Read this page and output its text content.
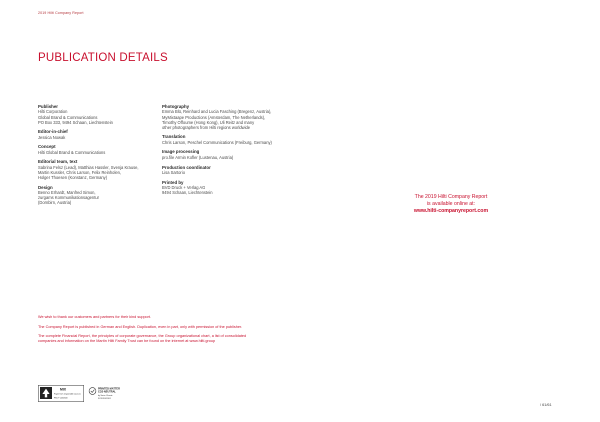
2019 Hilti Company Report
PUBLICATION DETAILS
Publisher
Hilti Corporation
Global Brand & Communications
PO Box 333, 9494 Schaan, Liechtenstein
Editor-in-chief
Jessica Nowak
Concept
Hilti Global Brand & Communications
Editorial team, text
Sabrina Felsz (Lead), Matthias Hassler, Svenja Krause,
Martin Kussler, Chris Larson, Felix Reinholen,
Holger Thoesen (Konstanz, Germany)
Design
Benno Erhardt, Manfred Simon,
zurgams Kommunikationsagentur
(Dornbirn, Austria)
Photography
Emma Blü, Reinhard and Lucia Fasching (Bregenz, Austria),
MyMixtaape Productions (Amsterdam, The Netherlands),
Timothy Offoume (Hong Kong), Uli Reitz and many
other photographers from Hilti regions worldwide
Translation
Chris Larson, Peschel Communications (Freiburg, Germany)
Image processing
pro.file Armin Kofler (Lustenau, Austria)
Production coordinator
Lisa Sartorio
Printed by
BVD Druck + Verlag AG
9494 Schaan, Liechtenstein
The 2019 Hilti Company Report
is available online at:
www.hilti-companyreport.com
We wish to thank our customers and partners for their kind support.
The Company Report is published in German and English. Duplication, even in part, only with permission of the publisher.
The complete Financial Report, the principles of corporate governance, the Group organizational chart, a list of consolidated companies and information on the Martin Hilti Family Trust can be found on the internet at www.hilti.group
MIX
Paper from responsible sources
FSC® C012600
PRINTED MATTER
CO2-NEUTRAL
by Swiss Climate
SC2020011101
/ 61/61
